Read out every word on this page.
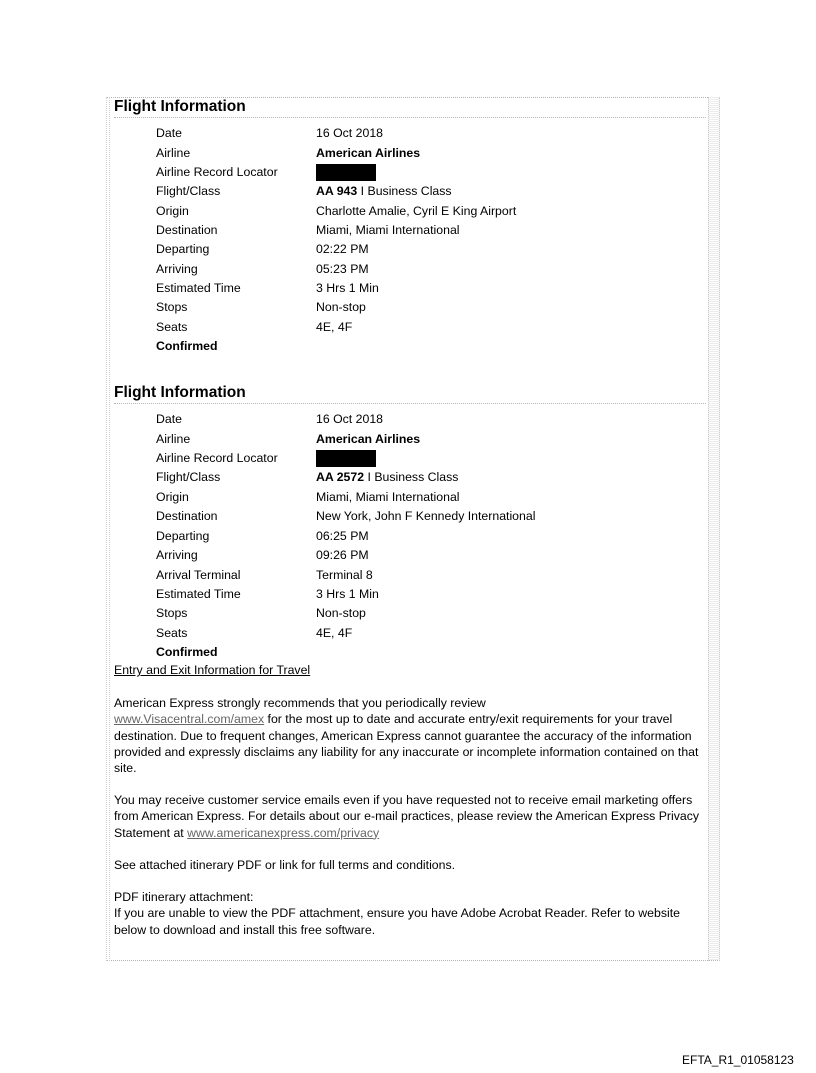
Flight Information
Date	16 Oct 2018
Airline	American Airlines
Airline Record Locator
Flight/Class	AA 943 I Business Class
Origin	Charlotte Amalie, Cyril E King Airport
Destination	Miami, Miami International
Departing	02:22 PM
Arriving	05:23 PM
Estimated Time	3 Hrs 1 Min
Stops	Non-stop
Seats	4E, 4F
Confirmed
Flight Information
Date	16 Oct 2018
Airline	American Airlines
Airline Record Locator
Flight/Class	AA 2572 I Business Class
Origin	Miami, Miami International
Destination	New York, John F Kennedy International
Departing	06:25 PM
Arriving	09:26 PM
Arrival Terminal	Terminal 8
Estimated Time	3 Hrs 1 Min
Stops	Non-stop
Seats	4E, 4F
Confirmed
Entry and Exit Information for Travel

American Express strongly recommends that you periodically review
www.Visacentral.com/amex for the most up to date and accurate entry/exit requirements for your travel destination. Due to frequent changes, American Express cannot guarantee the accuracy of the information provided and expressly disclaims any liability for any inaccurate or incomplete information contained on that site.

You may receive customer service emails even if you have requested not to receive email marketing offers from American Express. For details about our e-mail practices, please review the American Express Privacy Statement at www.americanexpress.com/privacy

See attached itinerary PDF or link for full terms and conditions.

PDF itinerary attachment:
If you are unable to view the PDF attachment, ensure you have Adobe Acrobat Reader. Refer to website below to download and install this free software.

EFTA_R1_01058123
